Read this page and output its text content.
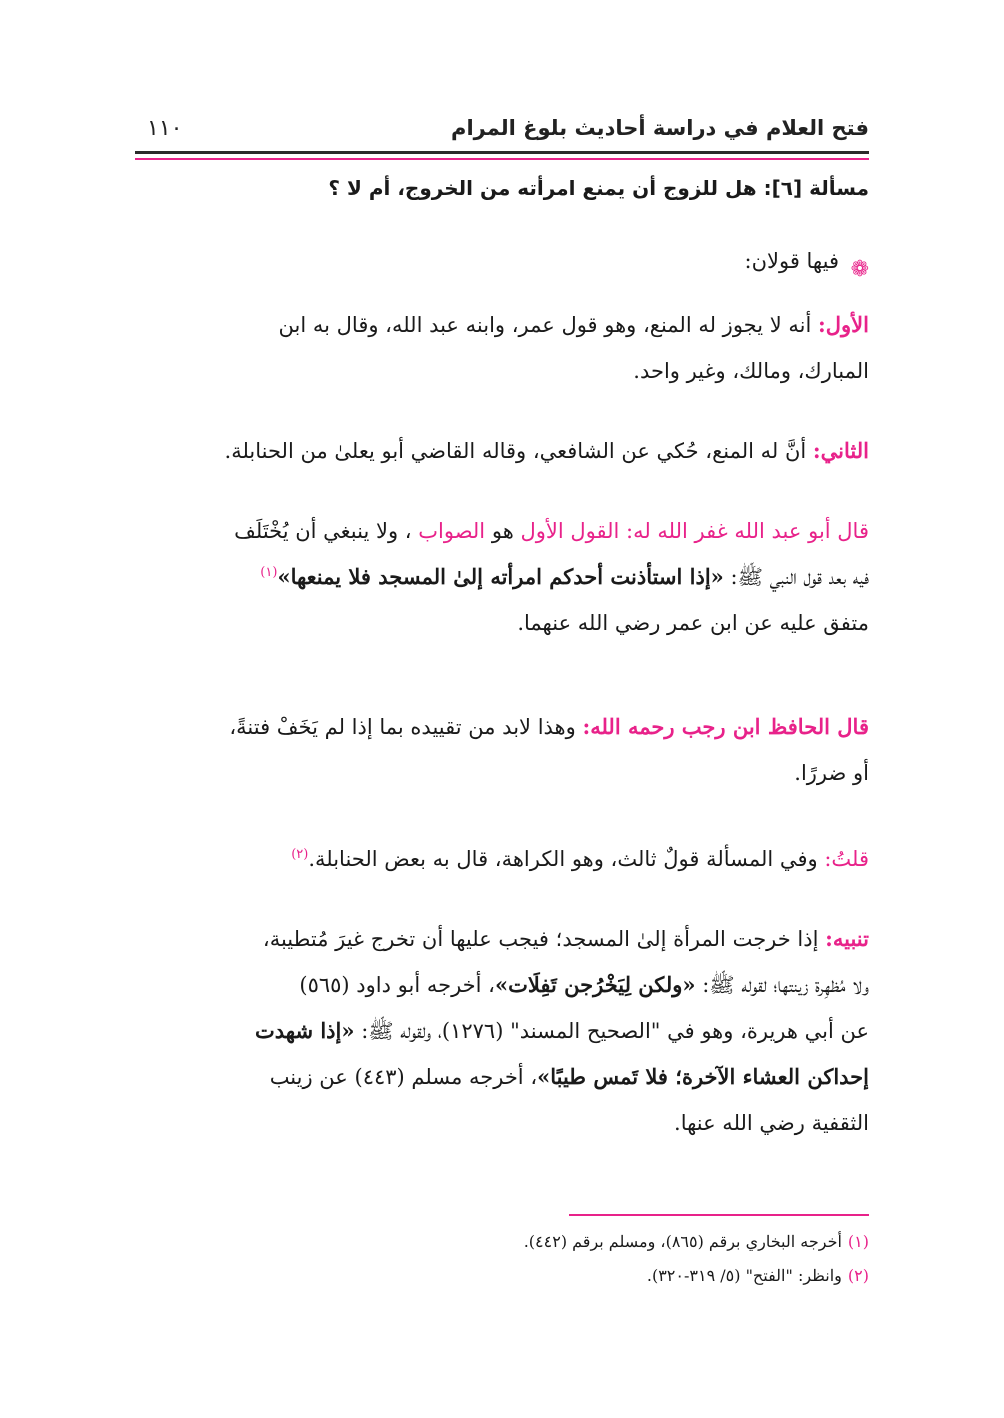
فتح العلام في دراسة أحاديث بلوغ المرام
١١٠
مسألة [٦]: هل للزوج أن يمنع امرأته من الخروج، أم لا ؟
❁فيها قولان:
الأول: أنه لا يجوز له المنع، وهو قول عمر، وابنه عبد الله، وقال به ابن
المبارك، ومالك، وغير واحد.
الثاني: أنَّ له المنع، حُكي عن الشافعي، وقاله القاضي أبو يعلىٰ من الحنابلة.
قال أبو عبد الله غفر الله له: القول الأول هو الصواب ، ولا ينبغي أن يُخْتَلَف
فيه بعد قول النبي ﷺ: «إذا استأذنت أحدكم امرأته إلىٰ المسجد فلا يمنعها»$^{(١)}$
متفق عليه عن ابن عمر رضي الله عنهما.
قال الحافظ ابن رجب رحمه الله: وهذا لابد من تقييده بما إذا لم يَخَفْ فتنةً،
أو ضررًا.
قلتُ: وفي المسألة قولٌ ثالث، وهو الكراهة، قال به بعض الحنابلة.$^{(٢)}$
تنبيه: إذا خرجت المرأة إلىٰ المسجد؛ فيجب عليها أن تخرج غيرَ مُتطيبة،
ولا مُظهِرة زينتها؛ لقوله ﷺ: «ولكن لِيَخْرُجن تَفِلَات»، أخرجه أبو داود (٥٦٥)
عن أبي هريرة، وهو في "الصحيح المسند" (١٢٧٦)، ولقوله ﷺ: «إذا شهدت
إحداكن العشاء الآخرة؛ فلا تَمس طيبًا»، أخرجه مسلم (٤٤٣) عن زينب
الثقفية رضي الله عنها.
(١)أخرجه البخاري برقم (٨٦٥)، ومسلم برقم (٤٤٢).
(٢)وانظر: "الفتح" (٥/ ٣١٩-٣٢٠).
